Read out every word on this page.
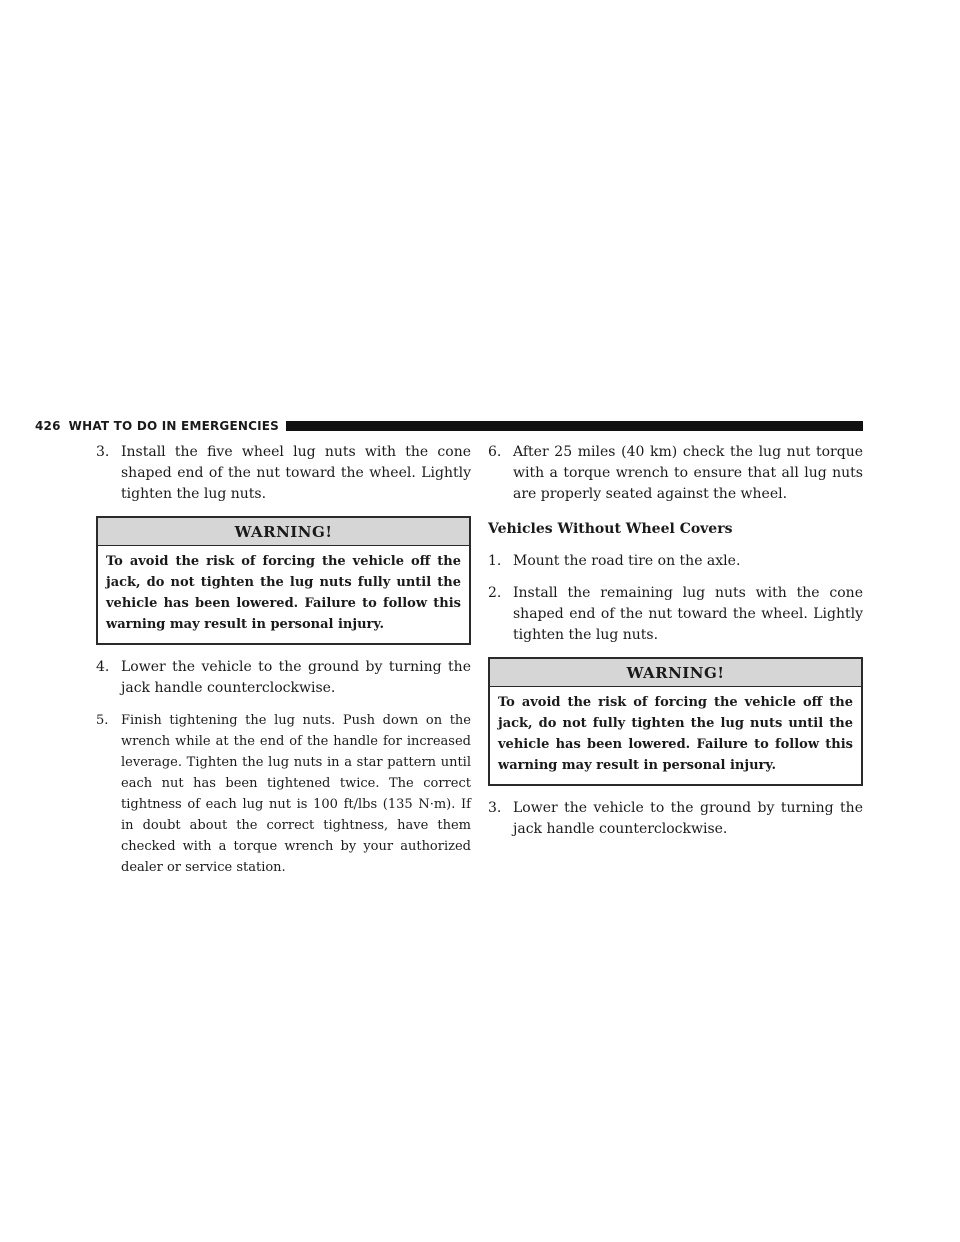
426 WHAT TO DO IN EMERGENCIES

3. Install the five wheel lug nuts with the cone shaped end of the nut toward the wheel. Lightly tighten the lug nuts.

WARNING!
To avoid the risk of forcing the vehicle off the jack, do not tighten the lug nuts fully until the vehicle has been lowered. Failure to follow this warning may result in personal injury.

4. Lower the vehicle to the ground by turning the jack handle counterclockwise.

5. Finish tightening the lug nuts. Push down on the wrench while at the end of the handle for increased leverage. Tighten the lug nuts in a star pattern until each nut has been tightened twice. The correct tightness of each lug nut is 100 ft/lbs (135 N·m). If in doubt about the correct tightness, have them checked with a torque wrench by your authorized dealer or service station.

6. After 25 miles (40 km) check the lug nut torque with a torque wrench to ensure that all lug nuts are properly seated against the wheel.

Vehicles Without Wheel Covers

1. Mount the road tire on the axle.

2. Install the remaining lug nuts with the cone shaped end of the nut toward the wheel. Lightly tighten the lug nuts.

WARNING!
To avoid the risk of forcing the vehicle off the jack, do not fully tighten the lug nuts until the vehicle has been lowered. Failure to follow this warning may result in personal injury.

3. Lower the vehicle to the ground by turning the jack handle counterclockwise.
